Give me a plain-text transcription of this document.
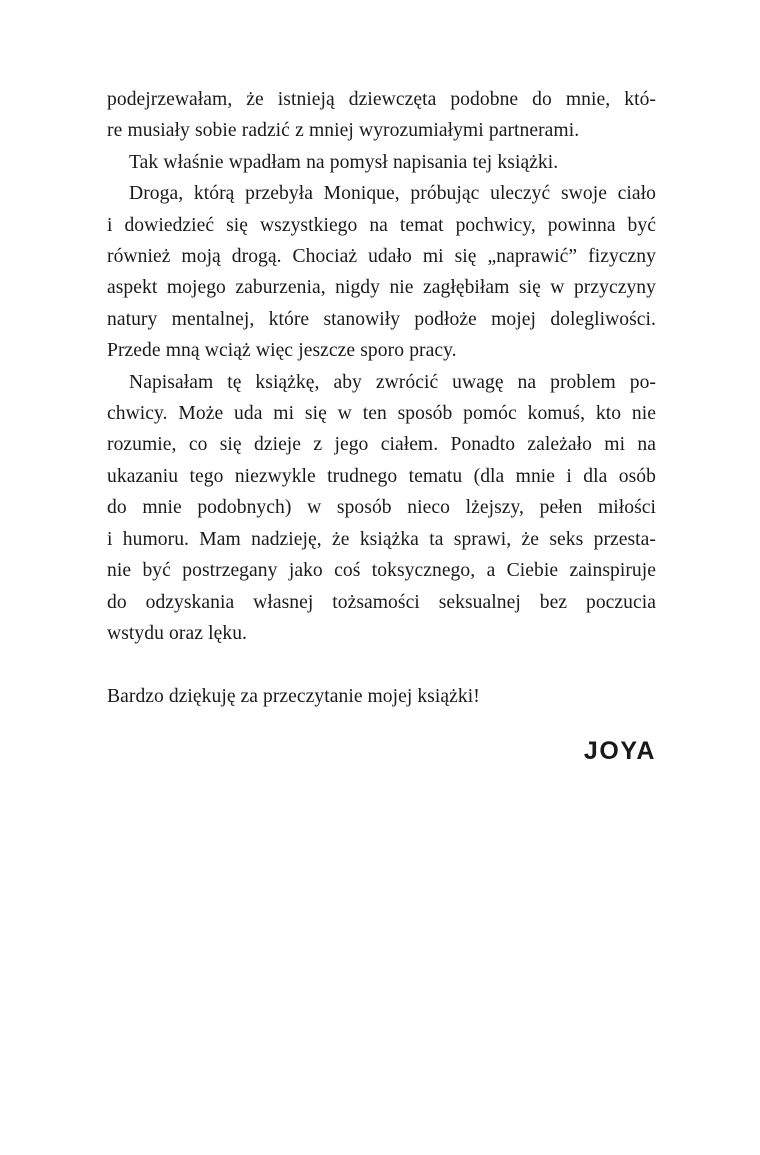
podejrzewałam, że istnieją dziewczęta podobne do mnie, któ-
re musiały sobie radzić z mniej wyrozumiałymi partnerami.

Tak właśnie wpadłam na pomysł napisania tej książki.

Droga, którą przebyła Monique, próbując uleczyć swoje ciało
i dowiedzieć się wszystkiego na temat pochwicy, powinna być
również moją drogą. Chociaż udało mi się „naprawić” fizyczny
aspekt mojego zaburzenia, nigdy nie zagłębiłam się w przyczyny
natury mentalnej, które stanowiły podłoże mojej dolegliwości.
Przede mną wciąż więc jeszcze sporo pracy.

Napisałam tę książkę, aby zwrócić uwagę na problem po-
chwicy. Może uda mi się w ten sposób pomóc komuś, kto nie
rozumie, co się dzieje z jego ciałem. Ponadto zależało mi na
ukazaniu tego niezwykle trudnego tematu (dla mnie i dla osób
do mnie podobnych) w sposób nieco lżejszy, pełen miłości
i humoru. Mam nadzieję, że książka ta sprawi, że seks przesta-
nie być postrzegany jako coś toksycznego, a Ciebie zainspiruje
do odzyskania własnej tożsamości seksualnej bez poczucia
wstydu oraz lęku.

Bardzo dziękuję za przeczytanie mojej książki!

JOYA
